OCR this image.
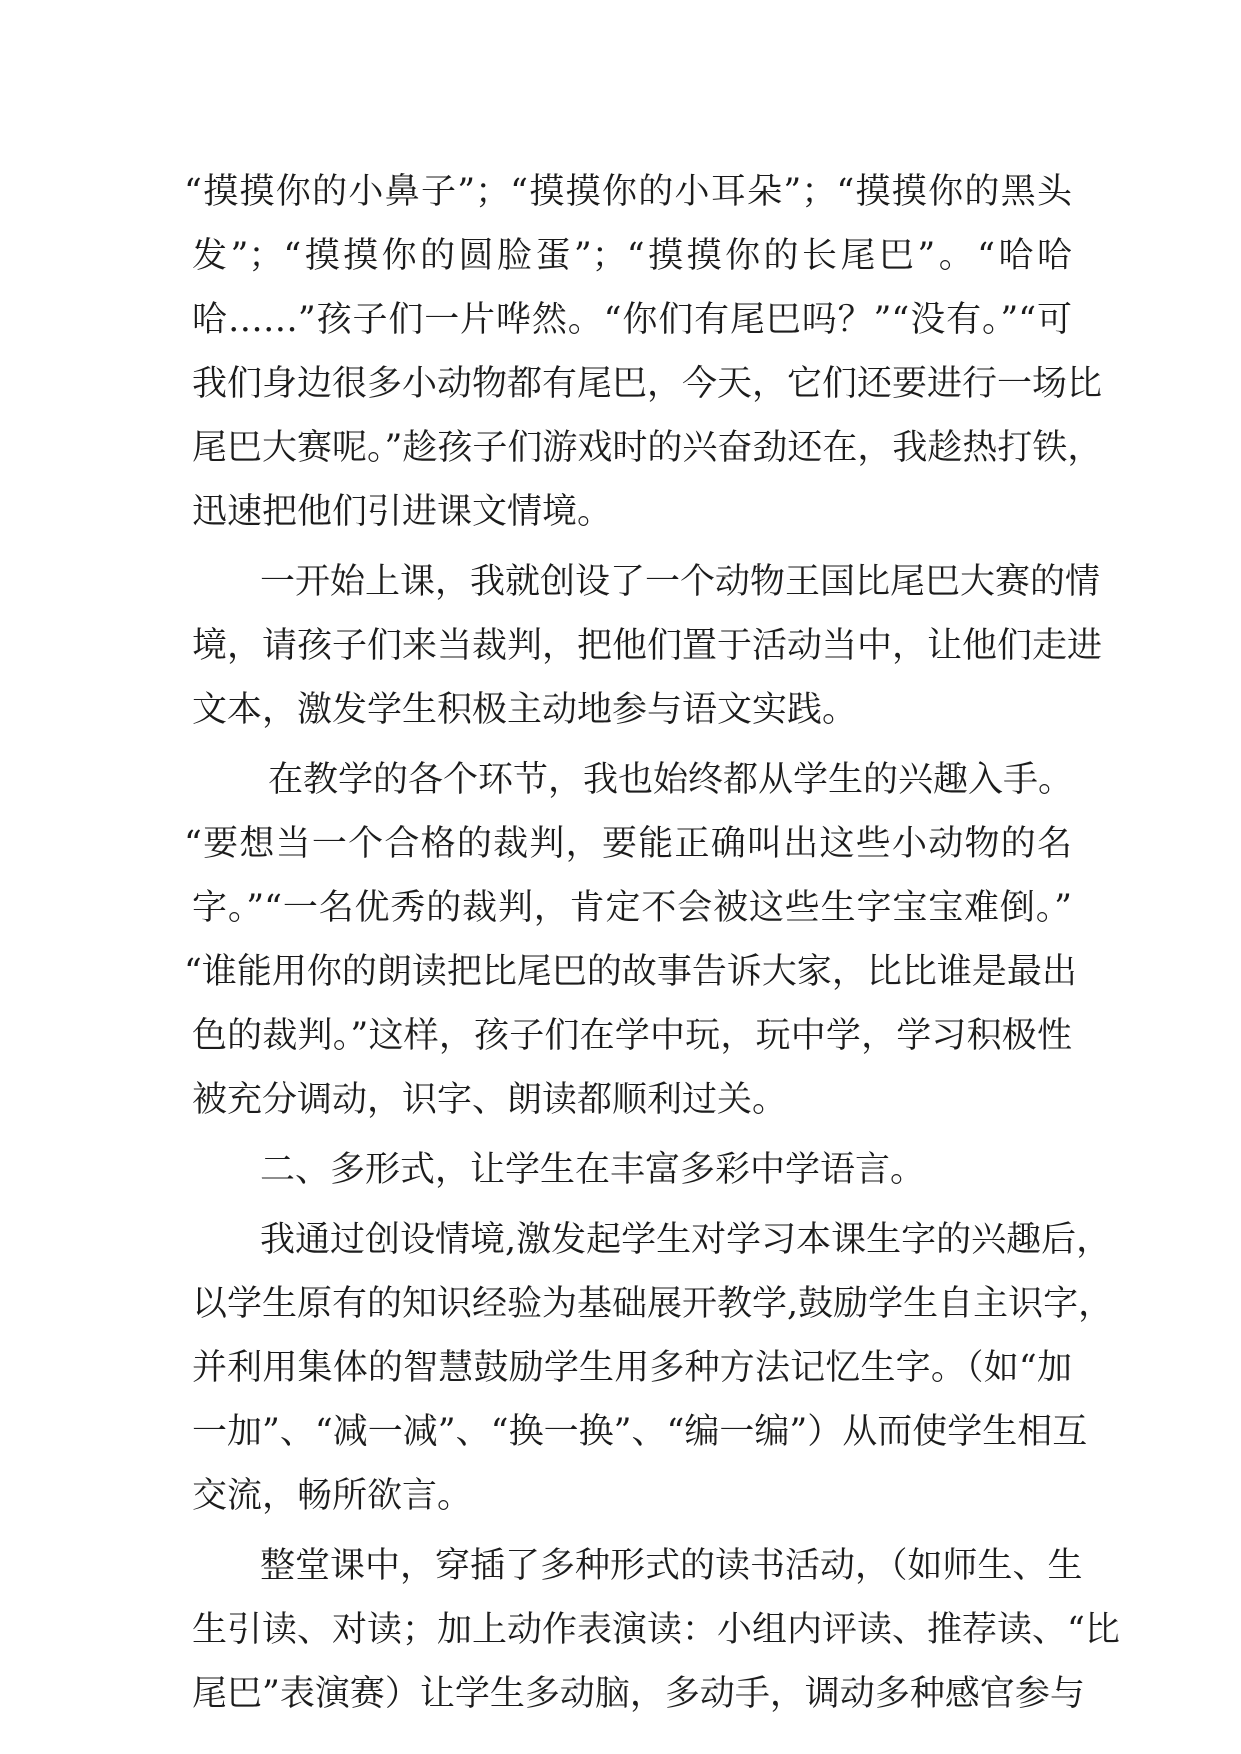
“摸摸你的小鼻子”；“摸摸你的小耳朵”；“摸摸你的黑头
发”；“摸摸你的圆脸蛋”；“摸摸你的长尾巴”。“哈哈
哈……”孩子们一片哗然。“你们有尾巴吗？”“没有。”“可
我们身边很多小动物都有尾巴，今天，它们还要进行一场比
尾巴大赛呢。”趁孩子们游戏时的兴奋劲还在，我趁热打铁，
迅速把他们引进课文情境。
一开始上课，我就创设了一个动物王国比尾巴大赛的情
境，请孩子们来当裁判，把他们置于活动当中，让他们走进
文本，激发学生积极主动地参与语文实践。
在教学的各个环节，我也始终都从学生的兴趣入手。
“要想当一个合格的裁判，要能正确叫出这些小动物的名
字。”“一名优秀的裁判，肯定不会被这些生字宝宝难倒。”
“谁能用你的朗读把比尾巴的故事告诉大家，比比谁是最出
色的裁判。”这样，孩子们在学中玩，玩中学，学习积极性
被充分调动，识字、朗读都顺利过关。
二、多形式，让学生在丰富多彩中学语言。
我通过创设情境,激发起学生对学习本课生字的兴趣后，
以学生原有的知识经验为基础展开教学,鼓励学生自主识字，
并利用集体的智慧鼓励学生用多种方法记忆生字。（如“加
一加”、“减一减”、“换一换”、“编一编”）从而使学生相互
交流，畅所欲言。
整堂课中，穿插了多种形式的读书活动，（如师生、生
生引读、对读；加上动作表演读：小组内评读、推荐读、“比
尾巴”表演赛）让学生多动脑，多动手，调动多种感官参与
